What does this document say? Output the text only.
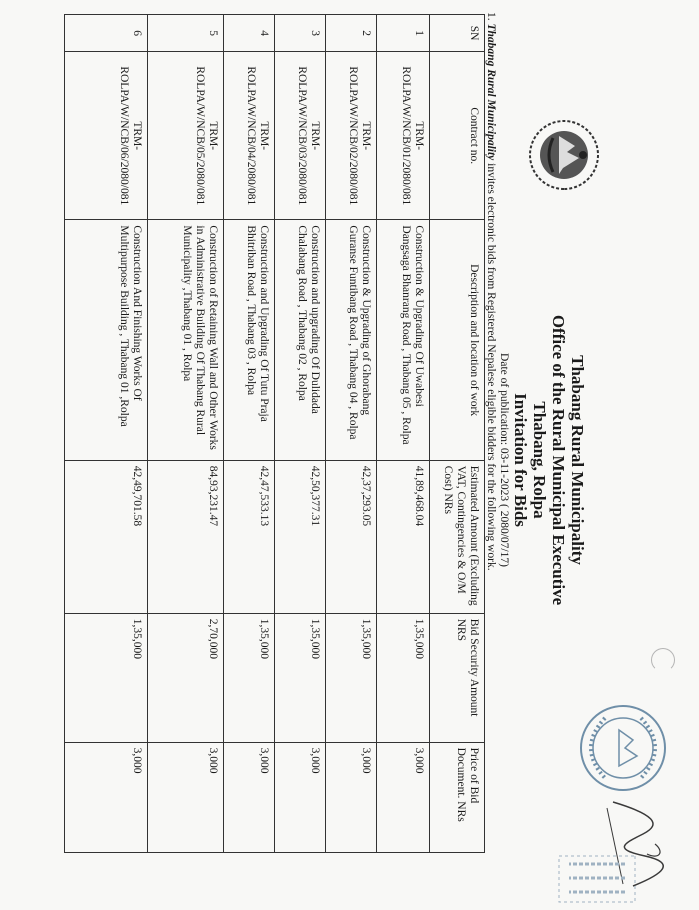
Thabang Rural Municipality
Office of the Rural Municipal Executive
Thabang, Rolpa
Invitation for Bids
Date of publication: 03-11-2023 ( 2080/07/17)
1. Thabang Rural Municipality invites electronic bids from Registered Nepalese eligible bidders for the following work.
SN	Contract no.	Description and location of work	Estimated Amount (Excluding VAT, Contingencies & O/M Cost) NRs	Bid Security Amount NRS	Price of Bid Document. NRs
1	TRM-ROLPA/W/NCB/01/2080/081	Construction & Upgrading Of Uwabesi Dangsaga Bhanrang Road , Thabang 05 , Rolpa	41,89,468.04	1,35,000	3,000
2	TRM-ROLPA/W/NCB/02/2080/081	Construction & Upgrading of Ghorabang Guranse Funtibang Road , Thabang 04 , Rolpa	42,37,293.05	1,35,000	3,000
3	TRM-ROLPA/W/NCB/03/2080/081	Construction and upgrading Of Dulidada Chalabang Road , Thabang 02 , Rolpa	42,50,377.31	1,35,000	3,000
4	TRM-ROLPA/W/NCB/04/2080/081	Construction and Upgrading Of Tutu Praja Bhitriban Road , Thabang 03 , Rolpa	42,47,533.13	1,35,000	3,000
5	TRM-ROLPA/W/NCB/05/2080/081	Construction of Retaining Wall and Other Works in Administrative Building Of Thabang Rural Municipality ,Thabang 01 , Rolpa	84,93,231.47	2,70,000	3,000
6	TRM-ROLPA/W/NCB/06/2080/081	Construction And Finishing Works Of Multipurpose Building , Thabang 01 ,Rolpa	42,49,701.58	1,35,000	3,000
